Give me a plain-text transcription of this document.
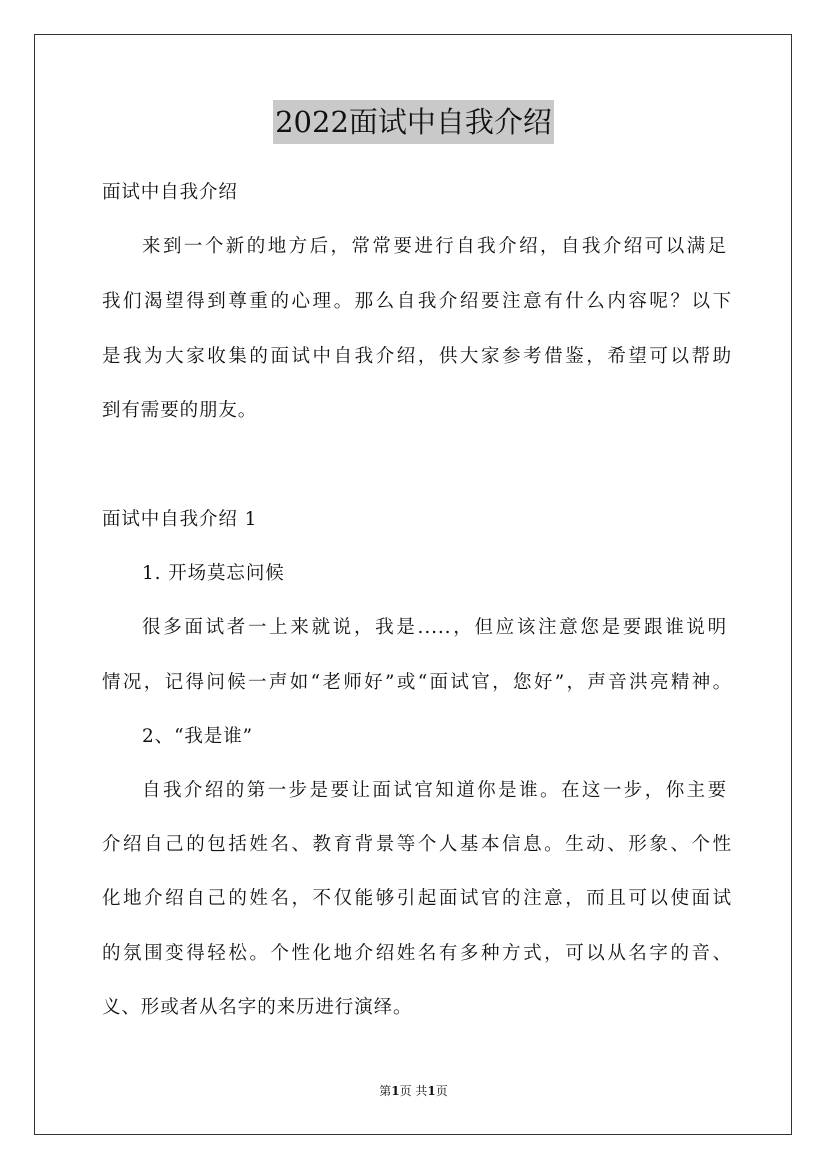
2022面试中自我介绍
面试中自我介绍
来到一个新的地方后，常常要进行自我介绍，自我介绍可以满足
我们渴望得到尊重的心理。那么自我介绍要注意有什么内容呢？以下
是我为大家收集的面试中自我介绍，供大家参考借鉴，希望可以帮助
到有需要的朋友。
面试中自我介绍 1
1. 开场莫忘问候
很多面试者一上来就说，我是.....，但应该注意您是要跟谁说明
情况，记得问候一声如“老师好”或“面试官，您好”，声音洪亮精神。
2、“我是谁”
自我介绍的第一步是要让面试官知道你是谁。在这一步，你主要
介绍自己的包括姓名、教育背景等个人基本信息。生动、形象、个性
化地介绍自己的姓名，不仅能够引起面试官的注意，而且可以使面试
的氛围变得轻松。个性化地介绍姓名有多种方式，可以从名字的音、
义、形或者从名字的来历进行演绎。
第1页 共1页
